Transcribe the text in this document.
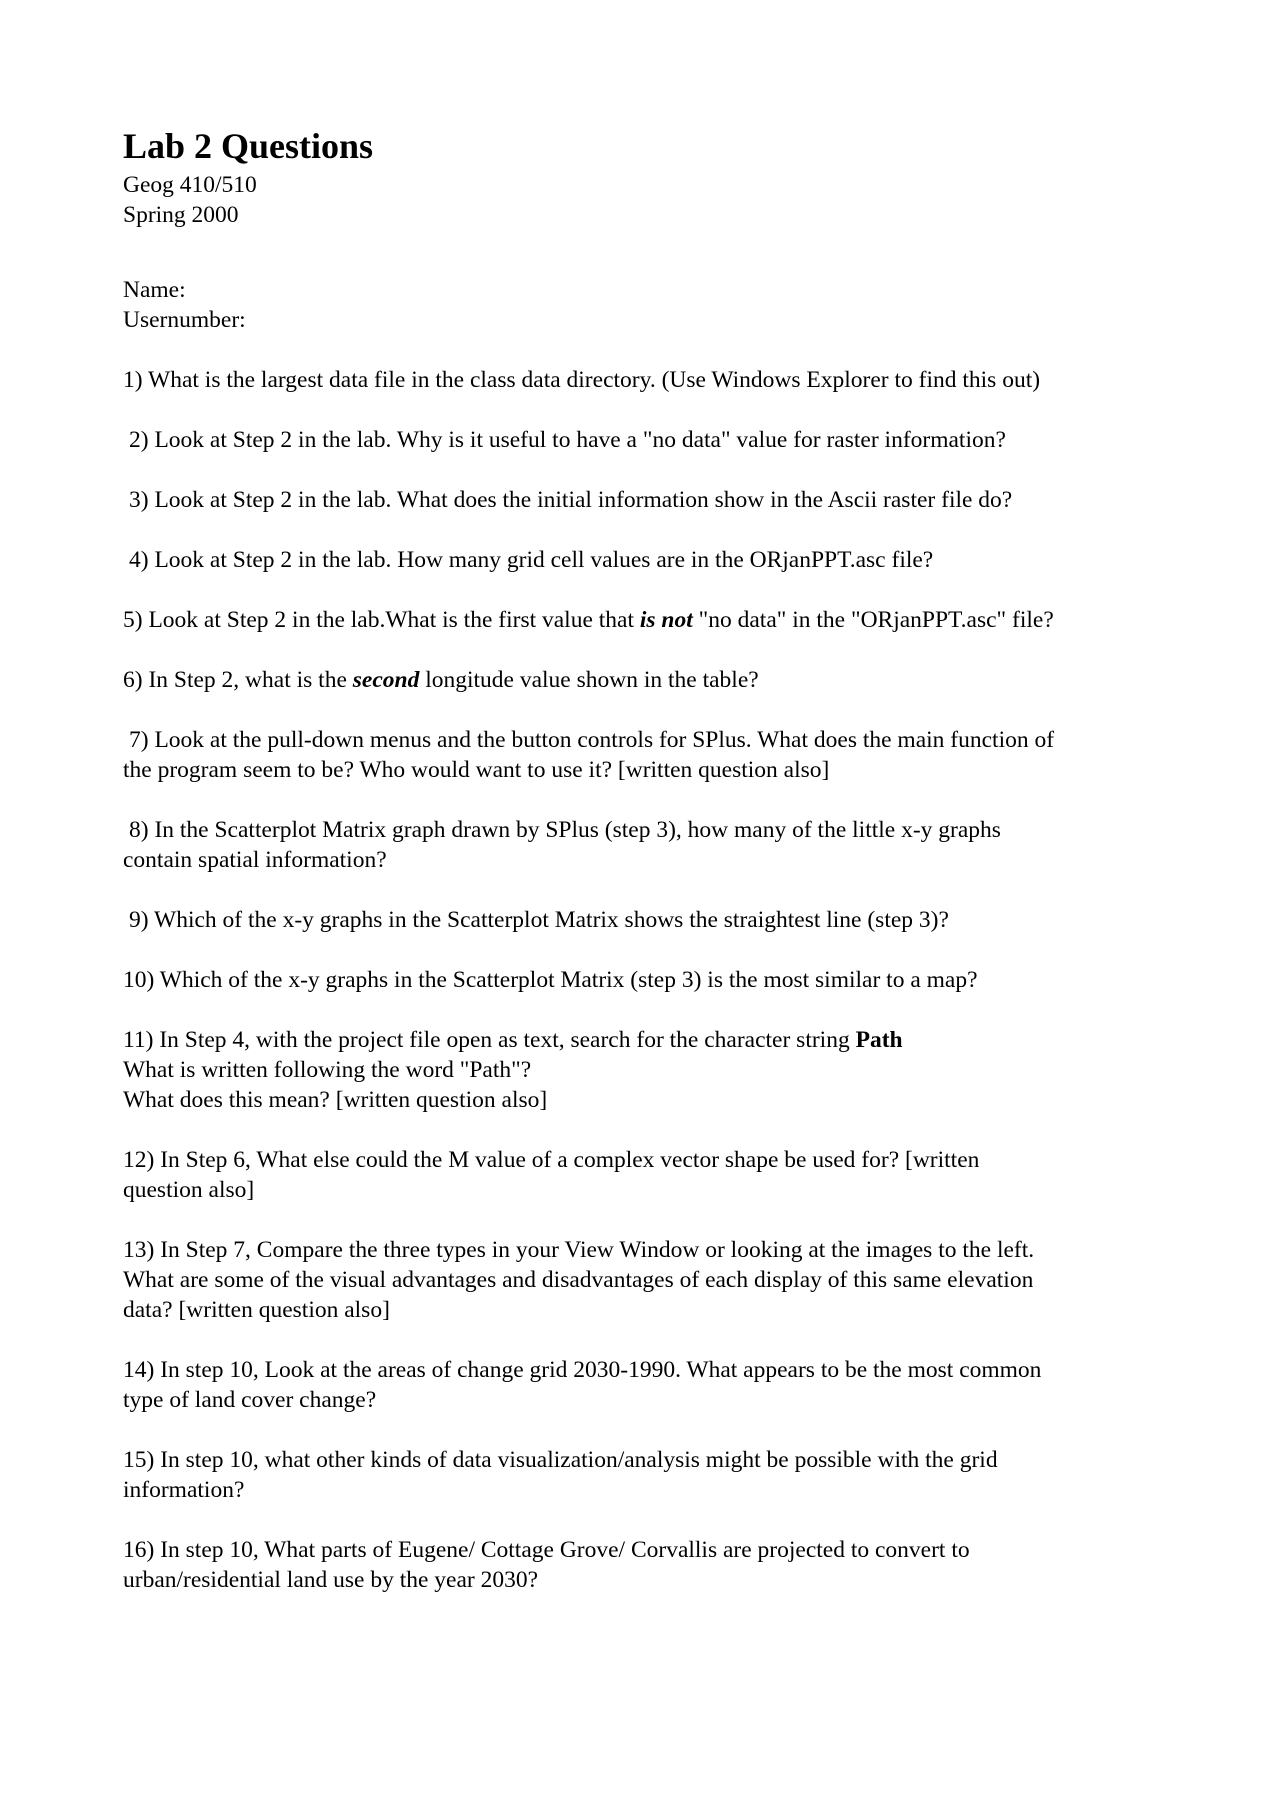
Lab 2 Questions
Geog 410/510
Spring 2000
Name:
Usernumber:
1) What is the largest data file in the class data directory. (Use Windows Explorer to find this out)
2) Look at Step 2 in the lab. Why is it useful to have a "no data" value for raster information?
3) Look at Step 2 in the lab. What does the initial information show in the Ascii raster file do?
4) Look at Step 2 in the lab. How many grid cell values are in the ORjanPPT.asc file?
5) Look at Step 2 in the lab.What is the first value that is not "no data" in the "ORjanPPT.asc" file?
6) In Step 2, what is the second longitude value shown in the table?
7) Look at the pull-down menus and the button controls for SPlus. What does the main function of
the program seem to be? Who would want to use it? [written question also]
8) In the Scatterplot Matrix graph drawn by SPlus (step 3), how many of the little x-y graphs
contain spatial information?
9) Which of the x-y graphs in the Scatterplot Matrix shows the straightest line (step 3)?
10) Which of the x-y graphs in the Scatterplot Matrix (step 3) is the most similar to a map?
11) In Step 4, with the project file open as text, search for the character string Path
What is written following the word "Path"?
What does this mean? [written question also]
12) In Step 6, What else could the M value of a complex vector shape be used for? [written
question also]
13) In Step 7, Compare the three types in your View Window or looking at the images to the left.
What are some of the visual advantages and disadvantages of each display of this same elevation
data? [written question also]
14) In step 10, Look at the areas of change grid 2030-1990. What appears to be the most common
type of land cover change?
15) In step 10, what other kinds of data visualization/analysis might be possible with the grid
information?
16) In step 10, What parts of Eugene/ Cottage Grove/ Corvallis are projected to convert to
urban/residential land use by the year 2030?
